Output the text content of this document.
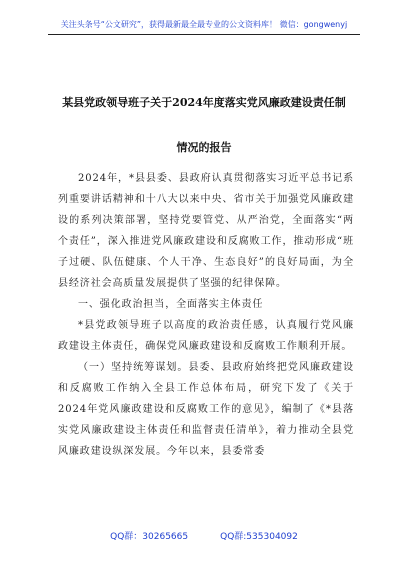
关注头条号“公文研究”，获得最新最全最专业的公文资料库！ 微信：gongwenyj
某县党政领导班子关于2024年度落实党风廉政建设责任制
情况的报告

2024年，*县县委、县政府认真贯彻落实习近平总书记系列重要讲话精神和十八大以来中央、省市关于加强党风廉政建设的系列决策部署，坚持党要管党、从严治党，全面落实“两个责任”，深入推进党风廉政建设和反腐败工作，推动形成“班子过硬、队伍健康、个人干净、生态良好”的良好局面，为全县经济社会高质量发展提供了坚强的纪律保障。

一、强化政治担当，全面落实主体责任

*县党政领导班子以高度的政治责任感，认真履行党风廉政建设主体责任，确保党风廉政建设和反腐败工作顺利开展。

（一）坚持统筹谋划。县委、县政府始终把党风廉政建设和反腐败工作纳入全县工作总体布局，研究下发了《关于2024年党风廉政建设和反腐败工作的意见》，编制了《*县落实党风廉政建设主体责任和监督责任清单》，着力推动全县党风廉政建设纵深发展。今年以来，县委常委

QQ群：30265665	QQ群:535304092
